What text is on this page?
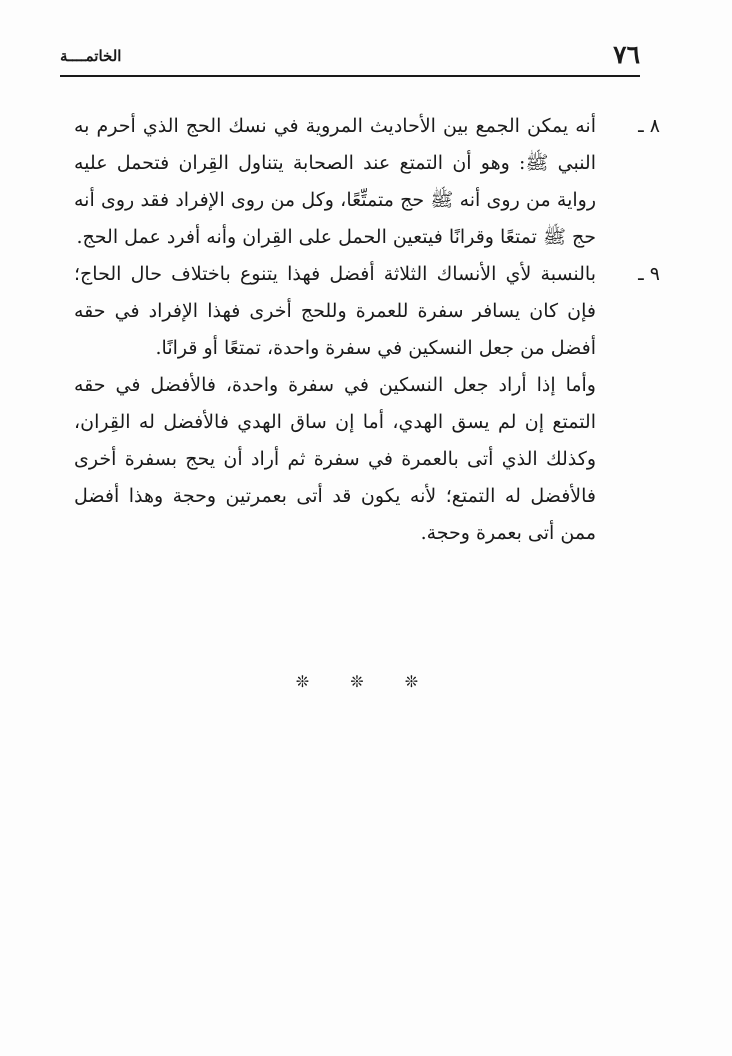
٧٦
الخاتمــــة

٨ ـ
أنه يمكن الجمع بين الأحاديث المروية في نسك الحج الذي أحرم به النبي ﷺ: وهو أن التمتع عند الصحابة يتناول القِران فتحمل عليه رواية من روى أنه ﷺ حج متمتِّعًا، وكل من روى الإفراد فقد روى أنه حج ﷺ تمتعًا وقرانًا فيتعين الحمل على القِران وأنه أفرد عمل الحج.

٩ ـ
بالنسبة لأي الأنساك الثلاثة أفضل فهذا يتنوع باختلاف حال الحاج؛ فإن كان يسافر سفرة للعمرة وللحج أخرى فهذا الإفراد في حقه أفضل من جعل النسكين في سفرة واحدة، تمتعًا أو قرانًا.

وأما إذا أراد جعل النسكين في سفرة واحدة، فالأفضل في حقه التمتع إن لم يسق الهدي، أما إن ساق الهدي فالأفضل له القِران، وكذلك الذي أتى بالعمرة في سفرة ثم أراد أن يحج بسفرة أخرى فالأفضل له التمتع؛ لأنه يكون قد أتى بعمرتين وحجة وهذا أفضل ممن أتى بعمرة وحجة.

❊ ❊ ❊
